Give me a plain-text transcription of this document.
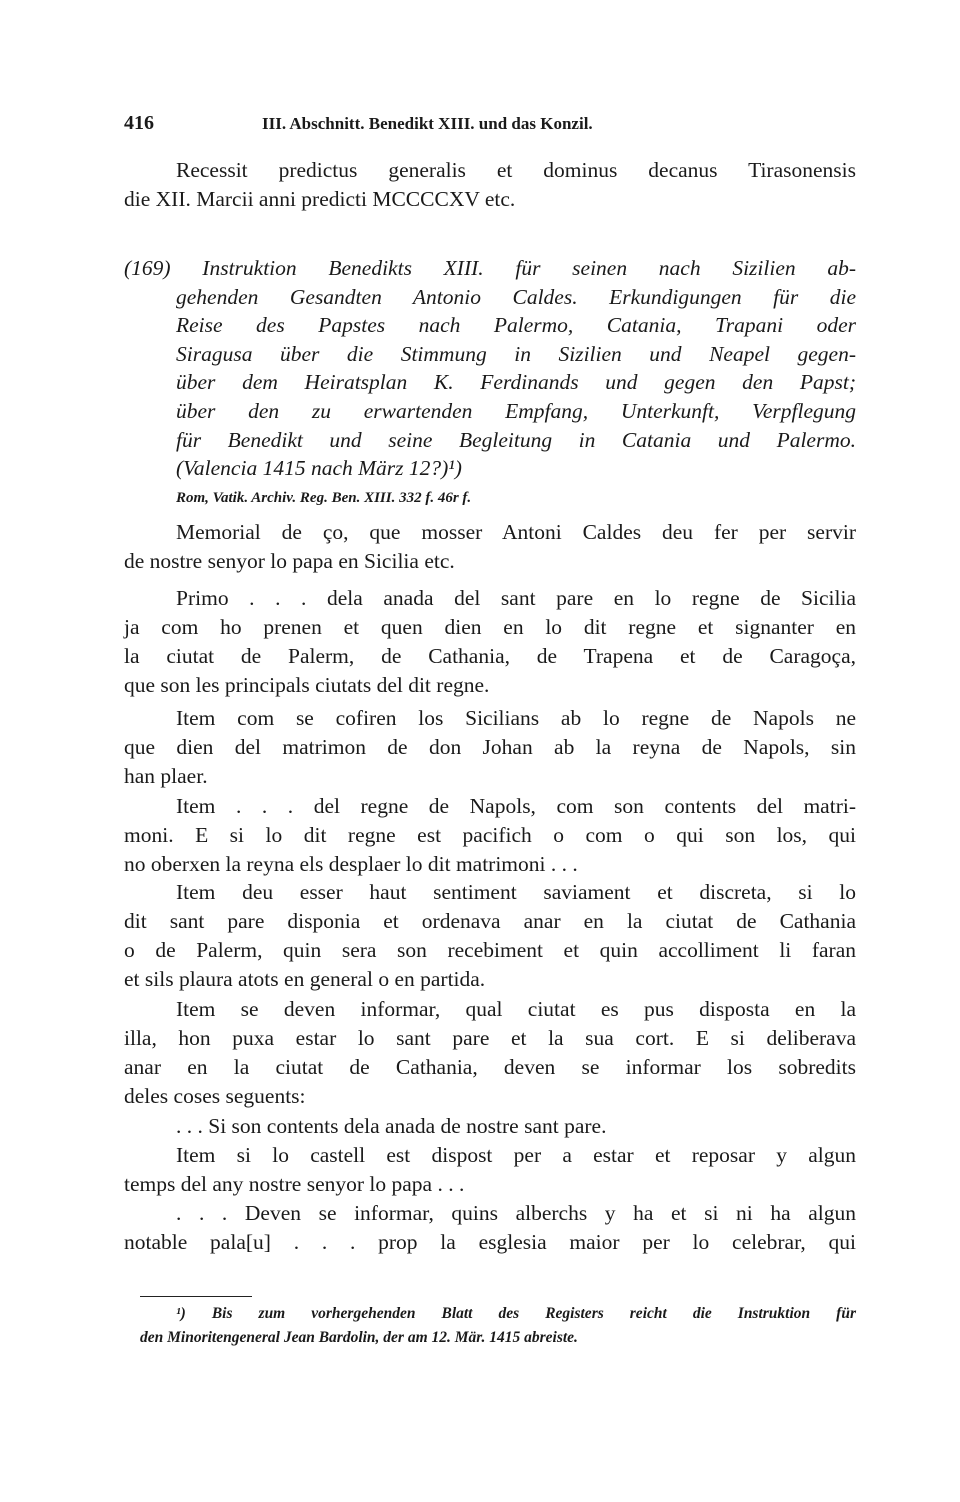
416	III. Abschnitt. Benedikt XIII. und das Konzil.
Recessit predictus generalis et dominus decanus Tirasonensis
die XII. Marcii anni predicti MCCCCXV etc.
(169) Instruktion Benedikts XIII. für seinen nach Sizilien ab-
gehenden Gesandten Antonio Caldes. Erkundigungen für die
Reise des Papstes nach Palermo, Catania, Trapani oder
Siragusa über die Stimmung in Sizilien und Neapel gegen-
über dem Heiratsplan K. Ferdinands und gegen den Papst;
über den zu erwartenden Empfang, Unterkunft, Verpflegung
für Benedikt und seine Begleitung in Catania und Palermo.
(Valencia 1415 nach März 12?)¹)
Rom, Vatik. Archiv. Reg. Ben. XIII. 332 f. 46r f.
Memorial de ço, que mosser Antoni Caldes deu fer per servir
de nostre senyor lo papa en Sicilia etc.
Primo . . . dela anada del sant pare en lo regne de Sicilia
ja com ho prenen et quen dien en lo dit regne et signanter en
la ciutat de Palerm, de Cathania, de Trapena et de Caragoça,
que son les principals ciutats del dit regne.
Item com se cofiren los Sicilians ab lo regne de Napols ne
que dien del matrimon de don Johan ab la reyna de Napols, sin
han plaer.
Item . . . del regne de Napols, com son contents del matri-
moni. E si lo dit regne est pacifich o com o qui son los, qui
no oberxen la reyna els desplaer lo dit matrimoni . . .
Item deu esser haut sentiment saviament et discreta, si lo
dit sant pare disponia et ordenava anar en la ciutat de Cathania
o de Palerm, quin sera son recebiment et quin accolliment li faran
et sils plaura atots en general o en partida.
Item se deven informar, qual ciutat es pus disposta en la
illa, hon puxa estar lo sant pare et la sua cort. E si deliberava
anar en la ciutat de Cathania, deven se informar los sobredits
deles coses seguents:
. . . Si son contents dela anada de nostre sant pare.
Item si lo castell est dispost per a estar et reposar y algun
temps del any nostre senyor lo papa . . .
. . . Deven se informar, quins alberchs y ha et si ni ha algun
notable pala[u] . . . prop la esglesia maior per lo celebrar, qui
¹) Bis zum vorhergehenden Blatt des Registers reicht die Instruktion für
den Minoritengeneral Jean Bardolin, der am 12. Mär. 1415 abreiste.
